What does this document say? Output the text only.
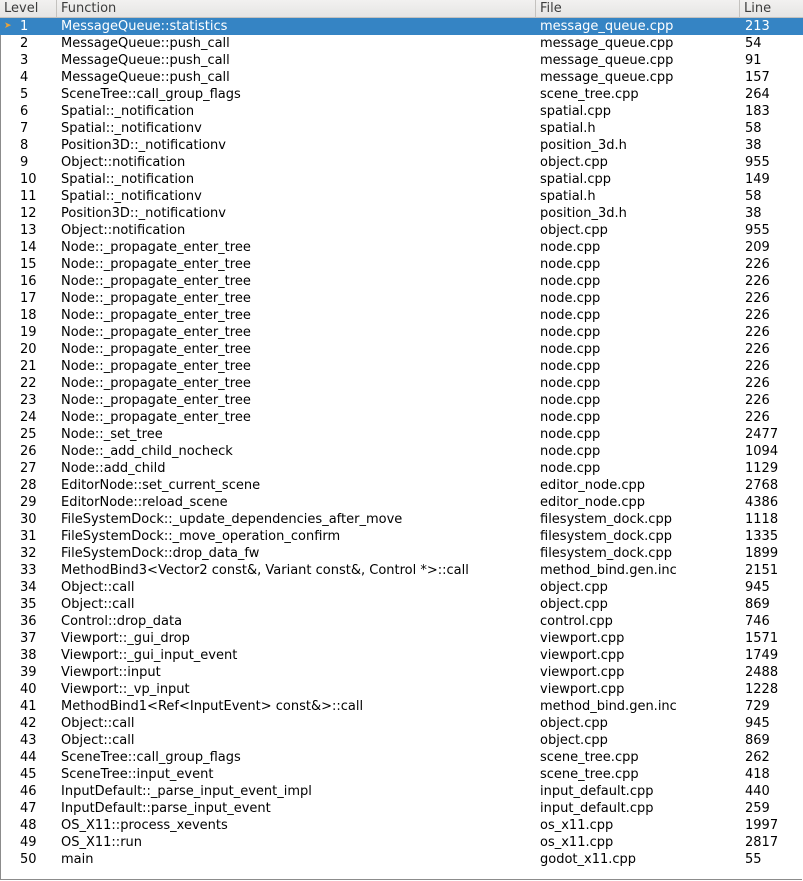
Level	Function	File	Line
➤ 1	MessageQueue::statistics	message_queue.cpp	213
2	MessageQueue::push_call	message_queue.cpp	54
3	MessageQueue::push_call	message_queue.cpp	91
4	MessageQueue::push_call	message_queue.cpp	157
5	SceneTree::call_group_flags	scene_tree.cpp	264
6	Spatial::_notification	spatial.cpp	183
7	Spatial::_notificationv	spatial.h	58
8	Position3D::_notificationv	position_3d.h	38
9	Object::notification	object.cpp	955
10	Spatial::_notification	spatial.cpp	149
11	Spatial::_notificationv	spatial.h	58
12	Position3D::_notificationv	position_3d.h	38
13	Object::notification	object.cpp	955
14	Node::_propagate_enter_tree	node.cpp	209
15	Node::_propagate_enter_tree	node.cpp	226
16	Node::_propagate_enter_tree	node.cpp	226
17	Node::_propagate_enter_tree	node.cpp	226
18	Node::_propagate_enter_tree	node.cpp	226
19	Node::_propagate_enter_tree	node.cpp	226
20	Node::_propagate_enter_tree	node.cpp	226
21	Node::_propagate_enter_tree	node.cpp	226
22	Node::_propagate_enter_tree	node.cpp	226
23	Node::_propagate_enter_tree	node.cpp	226
24	Node::_propagate_enter_tree	node.cpp	226
25	Node::_set_tree	node.cpp	2477
26	Node::_add_child_nocheck	node.cpp	1094
27	Node::add_child	node.cpp	1129
28	EditorNode::set_current_scene	editor_node.cpp	2768
29	EditorNode::reload_scene	editor_node.cpp	4386
30	FileSystemDock::_update_dependencies_after_move	filesystem_dock.cpp	1118
31	FileSystemDock::_move_operation_confirm	filesystem_dock.cpp	1335
32	FileSystemDock::drop_data_fw	filesystem_dock.cpp	1899
33	MethodBind3<Vector2 const&, Variant const&, Control *>::call	method_bind.gen.inc	2151
34	Object::call	object.cpp	945
35	Object::call	object.cpp	869
36	Control::drop_data	control.cpp	746
37	Viewport::_gui_drop	viewport.cpp	1571
38	Viewport::_gui_input_event	viewport.cpp	1749
39	Viewport::input	viewport.cpp	2488
40	Viewport::_vp_input	viewport.cpp	1228
41	MethodBind1<Ref<InputEvent> const&>::call	method_bind.gen.inc	729
42	Object::call	object.cpp	945
43	Object::call	object.cpp	869
44	SceneTree::call_group_flags	scene_tree.cpp	262
45	SceneTree::input_event	scene_tree.cpp	418
46	InputDefault::_parse_input_event_impl	input_default.cpp	440
47	InputDefault::parse_input_event	input_default.cpp	259
48	OS_X11::process_xevents	os_x11.cpp	1997
49	OS_X11::run	os_x11.cpp	2817
50	main	godot_x11.cpp	55
